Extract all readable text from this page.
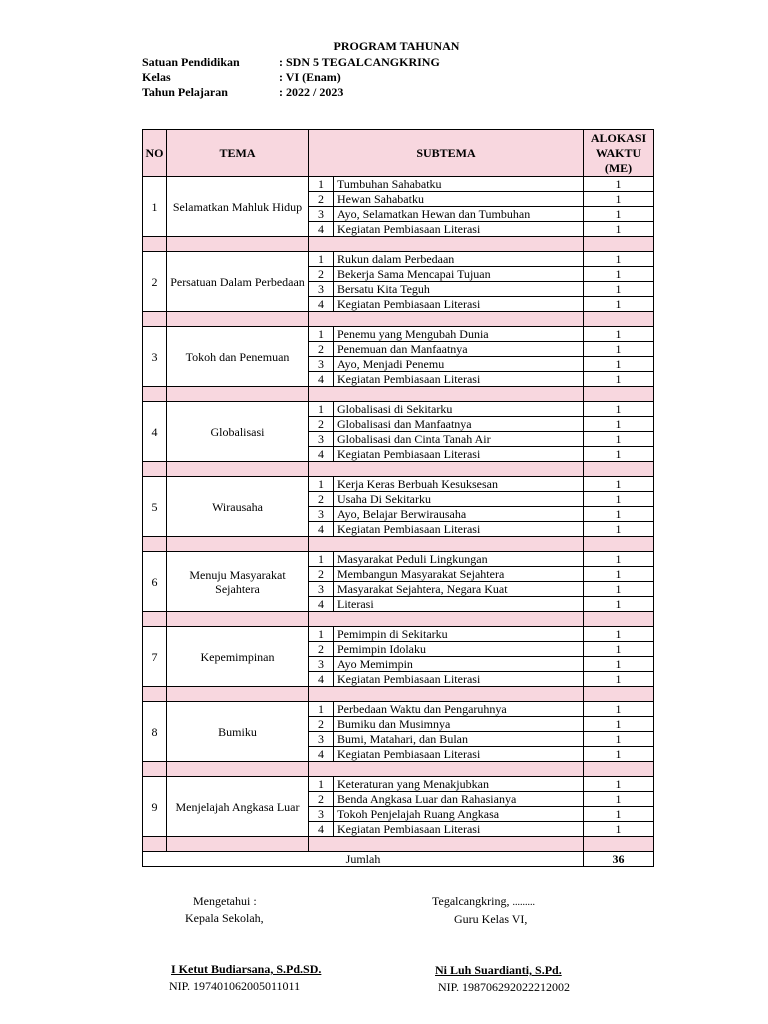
PROGRAM TAHUNAN
Satuan Pendidikan	: SDN 5 TEGALCANGKRING
Kelas	: VI (Enam)
Tahun Pelajaran	: 2022 / 2023
NO	TEMA	SUBTEMA		ALOKASI WAKTU (ME)
1	Selamatkan Mahluk Hidup	1	Tumbuhan Sahabatku	1
		2	Hewan Sahabatku	1
		3	Ayo, Selamatkan Hewan dan Tumbuhan	1
		4	Kegiatan Pembiasaan Literasi	1

2	Persatuan Dalam Perbedaan	1	Rukun dalam Perbedaan	1
		2	Bekerja Sama Mencapai Tujuan	1
		3	Bersatu Kita Teguh	1
		4	Kegiatan Pembiasaan Literasi	1

3	Tokoh dan Penemuan	1	Penemu yang Mengubah Dunia	1
		2	Penemuan dan Manfaatnya	1
		3	Ayo, Menjadi Penemu	1
		4	Kegiatan Pembiasaan Literasi	1

4	Globalisasi	1	Globalisasi di Sekitarku	1
		2	Globalisasi dan Manfaatnya	1
		3	Globalisasi dan Cinta Tanah Air	1
		4	Kegiatan Pembiasaan Literasi	1

5	Wirausaha	1	Kerja Keras Berbuah Kesuksesan	1
		2	Usaha Di Sekitarku	1
		3	Ayo, Belajar Berwirausaha	1
		4	Kegiatan Pembiasaan Literasi	1

6	Menuju Masyarakat Sejahtera	1	Masyarakat Peduli Lingkungan	1
		2	Membangun Masyarakat Sejahtera	1
		3	Masyarakat Sejahtera, Negara Kuat	1
		4	Literasi	1

7	Kepemimpinan	1	Pemimpin di Sekitarku	1
		2	Pemimpin Idolaku	1
		3	Ayo Memimpin	1
		4	Kegiatan Pembiasaan Literasi	1

8	Bumiku	1	Perbedaan Waktu dan Pengaruhnya	1
		2	Bumiku dan Musimnya	1
		3	Bumi, Matahari, dan Bulan	1
		4	Kegiatan Pembiasaan Literasi	1

9	Menjelajah Angkasa Luar	1	Keteraturan yang Menakjubkan	1
		2	Benda Angkasa Luar dan Rahasianya	1
		3	Tokoh Penjelajah Ruang Angkasa	1
		4	Kegiatan Pembiasaan Literasi	1

Jumlah				36
Mengetahui :
Kepala Sekolah,
I Ketut Budiarsana, S.Pd.SD.
NIP. 197401062005011011
Tegalcangkring, .........
Guru Kelas VI,
Ni Luh Suardianti, S.Pd.
NIP. 198706292022212002
